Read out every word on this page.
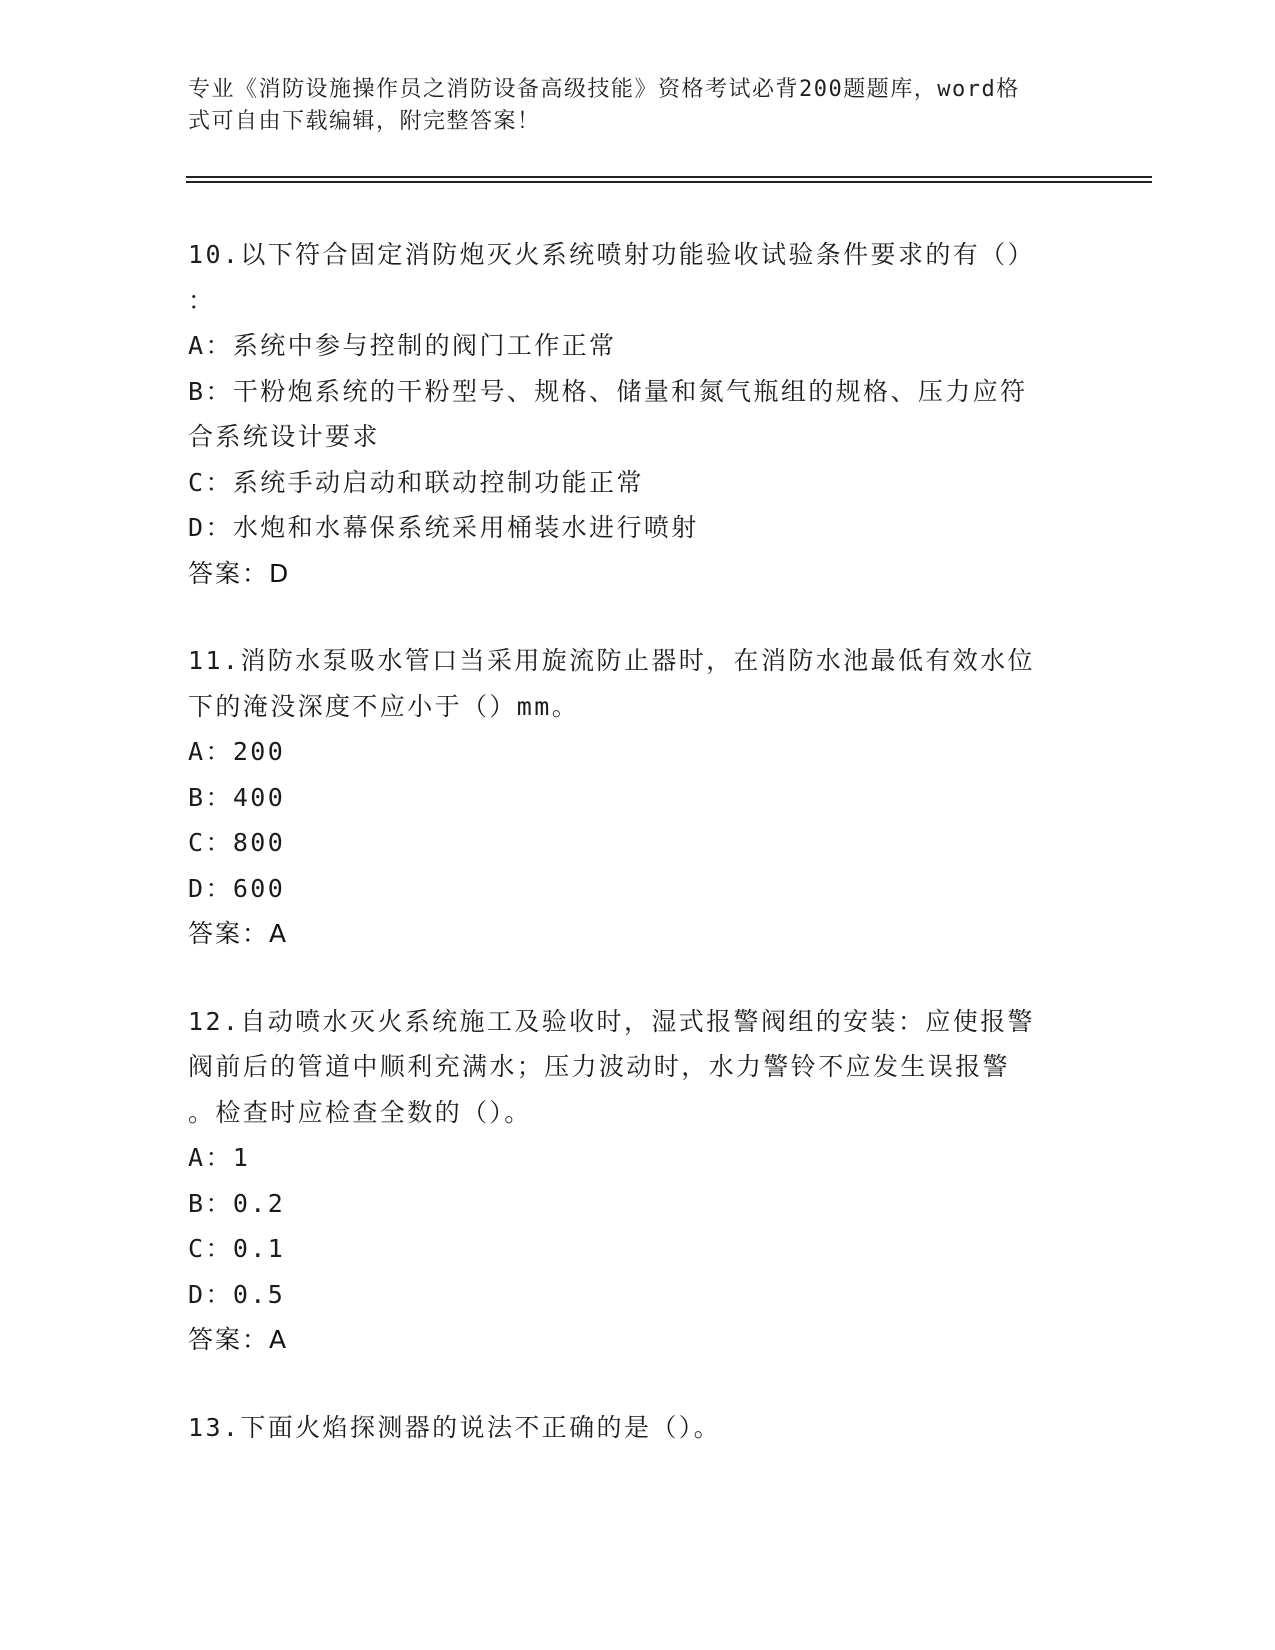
专业《消防设施操作员之消防设备高级技能》资格考试必背200题题库，word格
式可自由下载编辑，附完整答案！
10.以下符合固定消防炮灭火系统喷射功能验收试验条件要求的有（）
：
A：系统中参与控制的阀门工作正常
B：干粉炮系统的干粉型号、规格、储量和氮气瓶组的规格、压力应符
合系统设计要求
C：系统手动启动和联动控制功能正常
D：水炮和水幕保系统采用桶装水进行喷射
答案：D
11.消防水泵吸水管口当采用旋流防止器时，在消防水池最低有效水位
下的淹没深度不应小于（）mm。
A：200
B：400
C：800
D：600
答案：A
12.自动喷水灭火系统施工及验收时，湿式报警阀组的安装：应使报警
阀前后的管道中顺利充满水；压力波动时，水力警铃不应发生误报警
。检查时应检查全数的（）。
A：1
B：0.2
C：0.1
D：0.5
答案：A
13.下面火焰探测器的说法不正确的是（）。
